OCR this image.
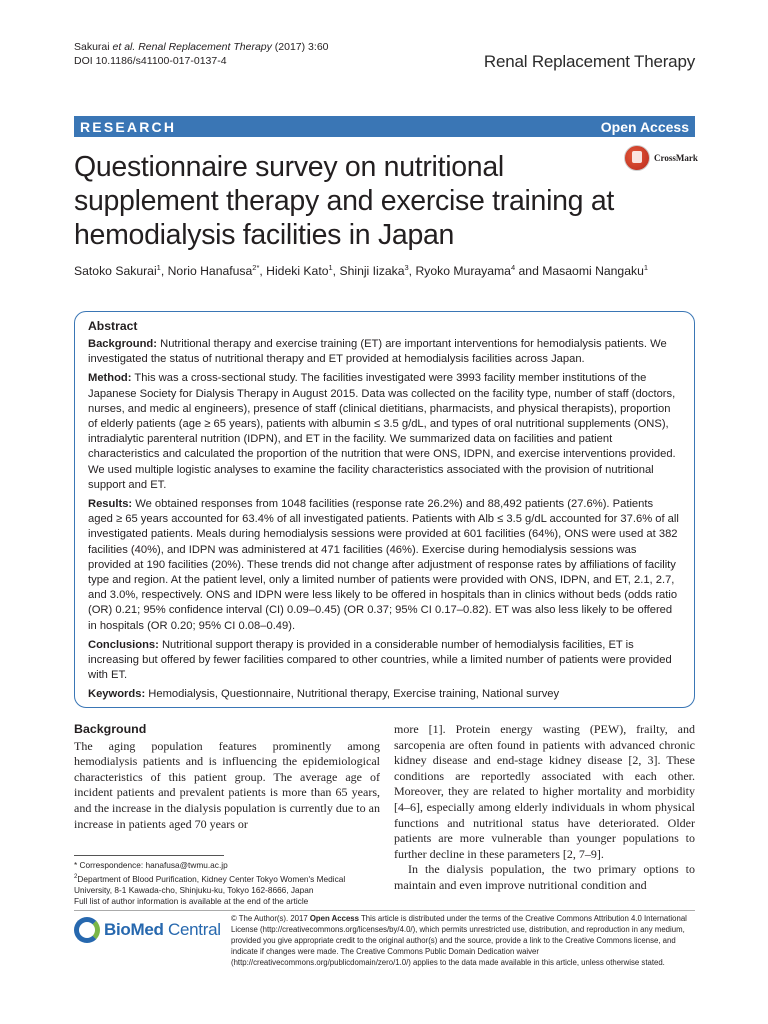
Sakurai et al. Renal Replacement Therapy (2017) 3:60
DOI 10.1186/s41100-017-0137-4	Renal Replacement Therapy
RESEARCH	Open Access
Questionnaire survey on nutritional supplement therapy and exercise training at hemodialysis facilities in Japan
CrossMark
Satoko Sakurai$^1$, Norio Hanafusa$^{2*}$, Hideki Kato$^1$, Shinji Iizaka$^3$, Ryoko Murayama$^4$ and Masaomi Nangaku$^1$
Abstract

Background: Nutritional therapy and exercise training (ET) are important interventions for hemodialysis patients. We investigated the status of nutritional therapy and ET provided at hemodialysis facilities across Japan.

Method: This was a cross-sectional study. The facilities investigated were 3993 facility member institutions of the Japanese Society for Dialysis Therapy in August 2015. Data was collected on the facility type, number of staff (doctors, nurses, and medic al engineers), presence of staff (clinical dietitians, pharmacists, and physical therapists), proportion of elderly patients (age ≥ 65 years), patients with albumin ≤ 3.5 g/dL, and types of oral nutritional supplements (ONS), intradialytic parenteral nutrition (IDPN), and ET in the facility. We summarized data on facilities and patient characteristics and calculated the proportion of the nutrition that were ONS, IDPN, and exercise interventions provided. We used multiple logistic analyses to examine the facility characteristics associated with the provision of nutritional support and ET.

Results: We obtained responses from 1048 facilities (response rate 26.2%) and 88,492 patients (27.6%). Patients aged ≥ 65 years accounted for 63.4% of all investigated patients. Patients with Alb ≤ 3.5 g/dL accounted for 37.6% of all investigated patients. Meals during hemodialysis sessions were provided at 601 facilities (64%), ONS were used at 382 facilities (40%), and IDPN was administered at 471 facilities (46%). Exercise during hemodialysis sessions was provided at 190 facilities (20%). These trends did not change after adjustment of response rates by affiliations of facility type and region. At the patient level, only a limited number of patients were provided with ONS, IDPN, and ET, 2.1, 2.7, and 3.0%, respectively. ONS and IDPN were less likely to be offered in hospitals than in clinics without beds (odds ratio (OR) 0.21; 95% confidence interval (CI) 0.09–0.45) (OR 0.37; 95% CI 0.17–0.82). ET was also less likely to be offered in hospitals (OR 0.20; 95% CI 0.08–0.49).

Conclusions: Nutritional support therapy is provided in a considerable number of hemodialysis facilities, ET is increasing but offered by fewer facilities compared to other countries, while a limited number of patients were provided with ET.

Keywords: Hemodialysis, Questionnaire, Nutritional therapy, Exercise training, National survey

Background

The aging population features prominently among hemodialysis patients and is influencing the epidemiological characteristics of this patient group. The average age of incident patients and prevalent patients is more than 65 years, and the increase in the dialysis population is currently due to an increase in patients aged 70 years or

more [1]. Protein energy wasting (PEW), frailty, and sarcopenia are often found in patients with advanced chronic kidney disease and end-stage kidney disease [2, 3]. These conditions are reportedly associated with each other. Moreover, they are related to higher mortality and morbidity [4–6], especially among elderly individuals in whom physical functions and nutritional status have deteriorated. Older patients are more vulnerable than younger populations to further decline in these parameters [2, 7–9].

In the dialysis population, the two primary options to maintain and even improve nutritional condition and

* Correspondence: hanafusa@twmu.ac.jp
$^2$Department of Blood Purification, Kidney Center Tokyo Women's Medical University, 8-1 Kawada-cho, Shinjuku-ku, Tokyo 162-8666, Japan
Full list of author information is available at the end of the article
BioMed Central
© The Author(s). 2017 Open Access This article is distributed under the terms of the Creative Commons Attribution 4.0 International License (http://creativecommons.org/licenses/by/4.0/), which permits unrestricted use, distribution, and reproduction in any medium, provided you give appropriate credit to the original author(s) and the source, provide a link to the Creative Commons license, and indicate if changes were made. The Creative Commons Public Domain Dedication waiver (http://creativecommons.org/publicdomain/zero/1.0/) applies to the data made available in this article, unless otherwise stated.
